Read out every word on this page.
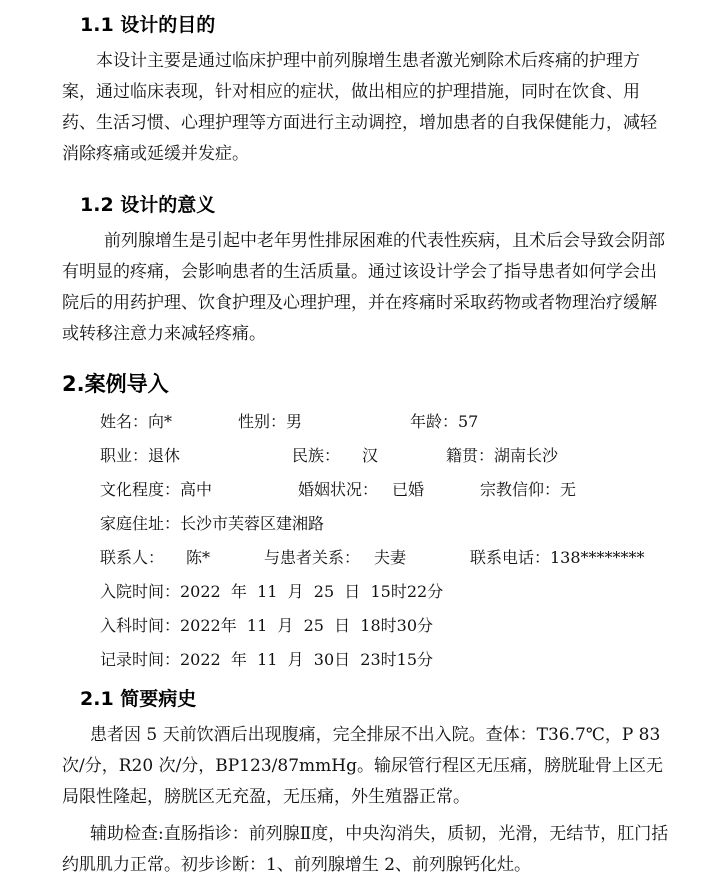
1.1 设计的目的

本设计主要是通过临床护理中前列腺增生患者激光剜除术后疼痛的护理方案，通过临床表现，针对相应的症状，做出相应的护理措施，同时在饮食、用药、生活习惯、心理护理等方面进行主动调控，增加患者的自我保健能力，减轻消除疼痛或延缓并发症。

1.2 设计的意义

前列腺增生是引起中老年男性排尿困难的代表性疾病，且术后会导致会阴部有明显的疼痛，会影响患者的生活质量。通过该设计学会了指导患者如何学会出院后的用药护理、饮食护理及心理护理，并在疼痛时采取药物或者物理治疗缓解或转移注意力来减轻疼痛。

2.案例导入
姓名：向*	性别：男	年龄：57
职业：退休	民族： 汉	籍贯：湖南长沙
文化程度：高中	婚姻状况： 已婚	宗教信仰：无
家庭住址：长沙市芙蓉区建湘路
联系人： 陈*	与患者关系： 夫妻	联系电话：138********
入院时间：2022  年  11  月  25  日  15时22分
入科时间：2022年  11  月  25  日  18时30分
记录时间：2022  年  11  月  30日  23时15分
2.1 简要病史

患者因 5 天前饮酒后出现腹痛，完全排尿不出入院。查体：T36.7℃，P 83 次/分，R20 次/分，BP123/87mmHg。输尿管行程区无压痛，膀胱耻骨上区无局限性隆起，膀胱区无充盈，无压痛，外生殖器正常。

辅助检查:直肠指诊：前列腺Ⅱ度，中央沟消失，质韧，光滑，无结节，肛门括约肌肌力正常。初步诊断：1、前列腺增生 2、前列腺钙化灶。
